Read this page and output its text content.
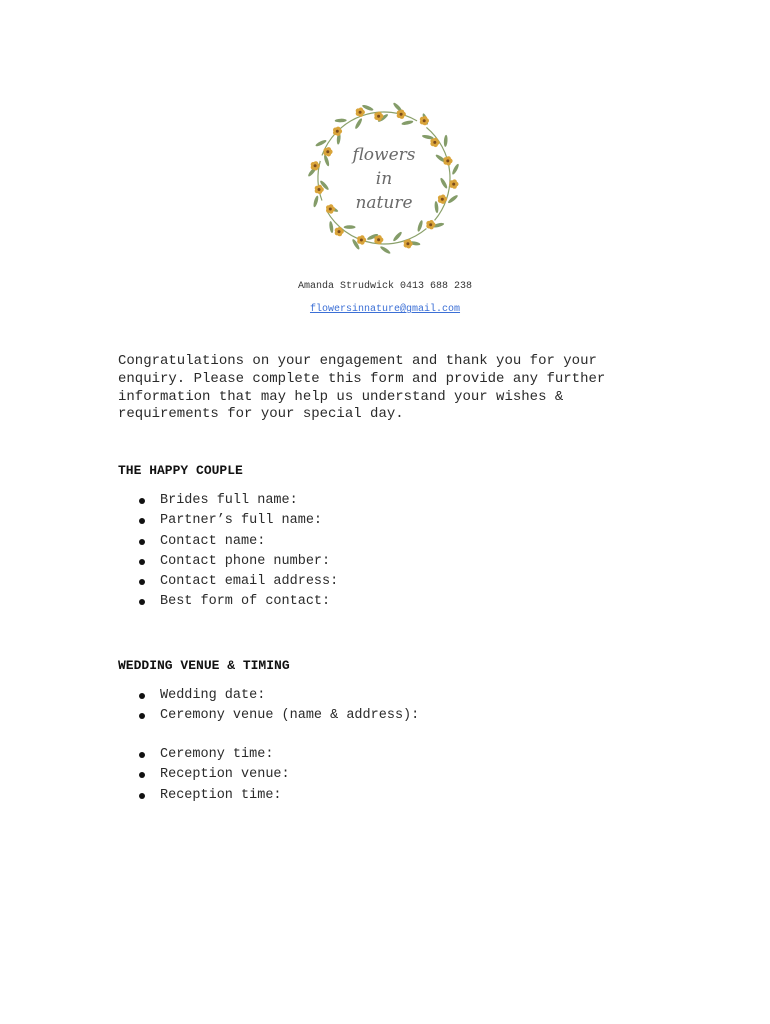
flowers
in
nature
Amanda Strudwick 0413 688 238
flowersinnature@gmail.com
Congratulations on your engagement and thank you for your
enquiry. Please complete this form and provide any further
information that may help us understand your wishes &
requirements for your special day.
THE HAPPY COUPLE
Brides full name:
Partner’s full name:
Contact name:
Contact phone number:
Contact email address:
Best form of contact:
WEDDING VENUE & TIMING
Wedding date:
Ceremony venue (name & address):
Ceremony time:
Reception venue:
Reception time:
